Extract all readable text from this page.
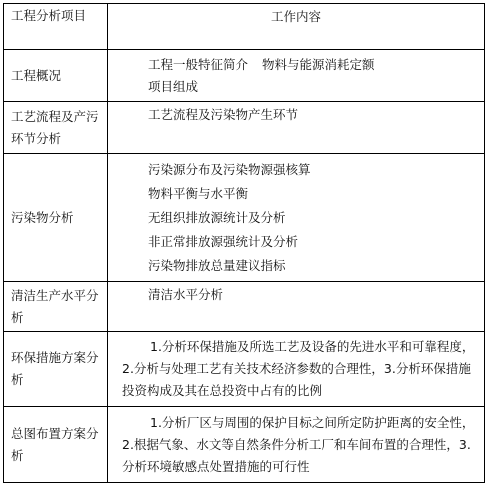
工程分析项目	工作内容
工程概况	工程一般特征简介 物料与能源消耗定额
项目组成

工艺流程及产污环节分析	工艺流程及污染物产生环节

污染物分析	污染源分布及污染物源强核算
物料平衡与水平衡
无组织排放源统计及分析
非正常排放源强统计及分析
污染物排放总量建议指标

清洁生产水平分析	清洁水平分析

环保措施方案分析	1.分析环保措施及所选工艺及设备的先进水平和可靠程度，2.分析与处理工艺有关技术经济参数的合理性，3.分析环保措施投资构成及其在总投资中占有的比例
总图布置方案分析	1.分析厂区与周围的保护目标之间所定防护距离的安全性，2.根据气象、水文等自然条件分析工厂和车间布置的合理性，3.分析环境敏感点处置措施的可行性
